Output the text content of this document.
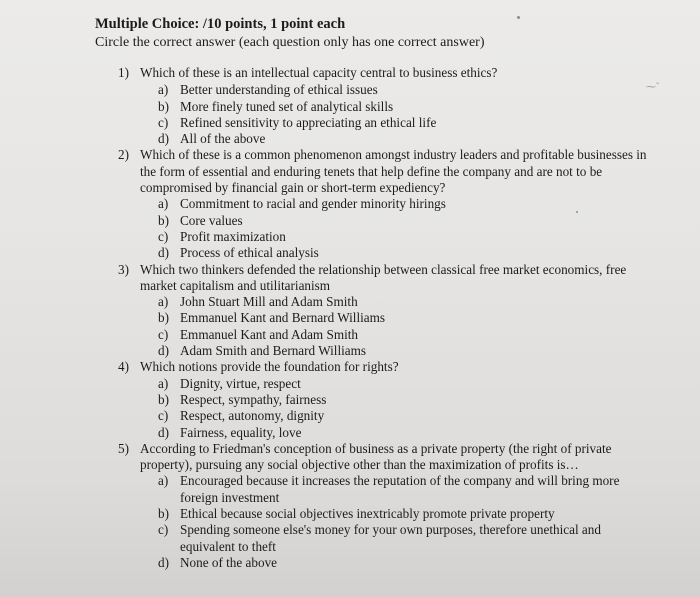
⁓ˇ
Multiple Choice: /10 points, 1 point each
Circle the correct answer (each question only has one correct answer)
1) Which of these is an intellectual capacity central to business ethics?
a) Better understanding of ethical issues
b) More finely tuned set of analytical skills
c) Refined sensitivity to appreciating an ethical life
d) All of the above
2) Which of these is a common phenomenon amongst industry leaders and profitable businesses in the form of essential and enduring tenets that help define the company and are not to be compromised by financial gain or short-term expediency?
a) Commitment to racial and gender minority hirings
b) Core values
c) Profit maximization
d) Process of ethical analysis
3) Which two thinkers defended the relationship between classical free market economics, free market capitalism and utilitarianism
a) John Stuart Mill and Adam Smith
b) Emmanuel Kant and Bernard Williams
c) Emmanuel Kant and Adam Smith
d) Adam Smith and Bernard Williams
4) Which notions provide the foundation for rights?
a) Dignity, virtue, respect
b) Respect, sympathy, fairness
c) Respect, autonomy, dignity
d) Fairness, equality, love
5) According to Friedman's conception of business as a private property (the right of private property), pursuing any social objective other than the maximization of profits is…
a) Encouraged because it increases the reputation of the company and will bring more foreign investment
b) Ethical because social objectives inextricably promote private property
c) Spending someone else's money for your own purposes, therefore unethical and equivalent to theft
d) None of the above
